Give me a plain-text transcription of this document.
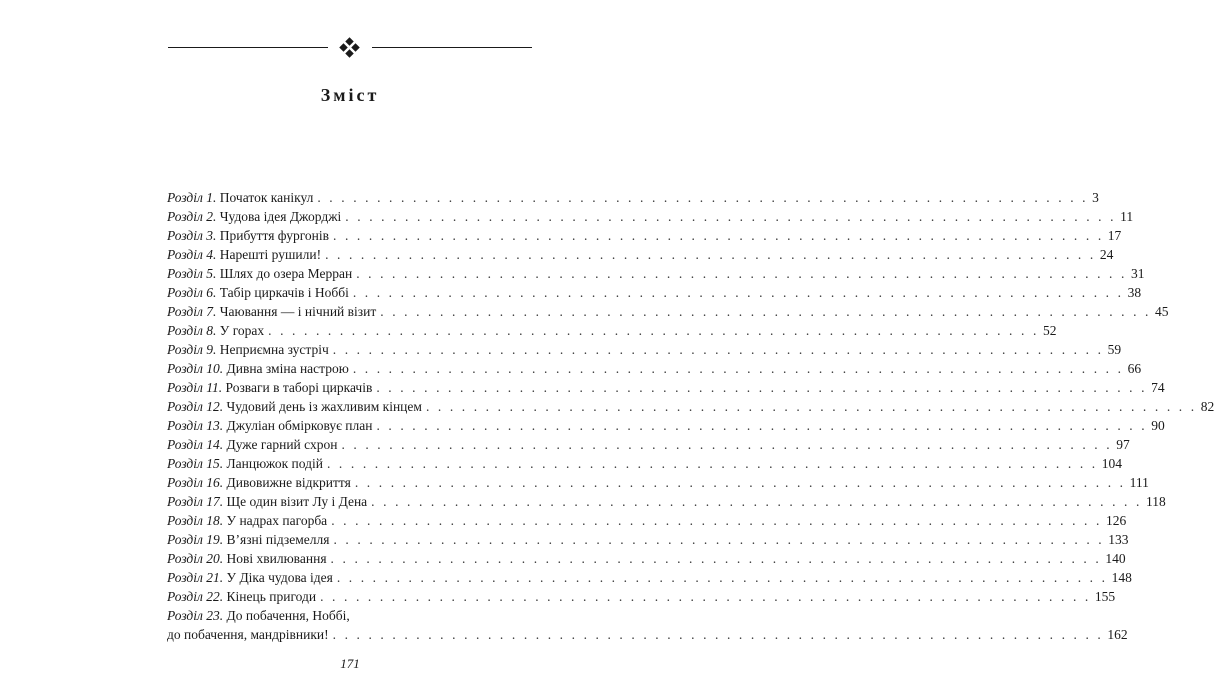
Зміст
Розділ 1.
Початок канікул . . . . . . . . . . . . . . . . . . . . . . . . . . . . . . . . . . . . . . . . . . . . . . . . . . . . . . . . . . . . . . . . . 3
Розділ 2.
Чудова ідея Джорджі . . . . . . . . . . . . . . . . . . . . . . . . . . . . . . . . . . . . . . . . . . . . . . . . . . . . . . . . . . . . . . . . . 11
Розділ 3.
Прибуття фургонів . . . . . . . . . . . . . . . . . . . . . . . . . . . . . . . . . . . . . . . . . . . . . . . . . . . . . . . . . . . . . . . . . 17
Розділ 4.
Нарешті рушили! . . . . . . . . . . . . . . . . . . . . . . . . . . . . . . . . . . . . . . . . . . . . . . . . . . . . . . . . . . . . . . . . . 24
Розділ 5.
Шлях до озера Мерран . . . . . . . . . . . . . . . . . . . . . . . . . . . . . . . . . . . . . . . . . . . . . . . . . . . . . . . . . . . . . . . . . 31
Розділ 6.
Табір циркачів і Ноббі . . . . . . . . . . . . . . . . . . . . . . . . . . . . . . . . . . . . . . . . . . . . . . . . . . . . . . . . . . . . . . . . . 38
Розділ 7.
Чаювання — і нічний візит . . . . . . . . . . . . . . . . . . . . . . . . . . . . . . . . . . . . . . . . . . . . . . . . . . . . . . . . . . . . . . . . . 45
Розділ 8.
У горах . . . . . . . . . . . . . . . . . . . . . . . . . . . . . . . . . . . . . . . . . . . . . . . . . . . . . . . . . . . . . . . . . 52
Розділ 9.
Неприємна зустріч . . . . . . . . . . . . . . . . . . . . . . . . . . . . . . . . . . . . . . . . . . . . . . . . . . . . . . . . . . . . . . . . . 59
Розділ 10.
Дивна зміна настрою . . . . . . . . . . . . . . . . . . . . . . . . . . . . . . . . . . . . . . . . . . . . . . . . . . . . . . . . . . . . . . . . . 66
Розділ 11.
Розваги в таборі циркачів . . . . . . . . . . . . . . . . . . . . . . . . . . . . . . . . . . . . . . . . . . . . . . . . . . . . . . . . . . . . . . . . . 74
Розділ 12.
Чудовий день із жахливим кінцем . . . . . . . . . . . . . . . . . . . . . . . . . . . . . . . . . . . . . . . . . . . . . . . . . . . . . . . . . . . . . . . . . 82
Розділ 13.
Джуліан обмірковує план . . . . . . . . . . . . . . . . . . . . . . . . . . . . . . . . . . . . . . . . . . . . . . . . . . . . . . . . . . . . . . . . . 90
Розділ 14.
Дуже гарний схрон . . . . . . . . . . . . . . . . . . . . . . . . . . . . . . . . . . . . . . . . . . . . . . . . . . . . . . . . . . . . . . . . . 97
Розділ 15.
Ланцюжок подій . . . . . . . . . . . . . . . . . . . . . . . . . . . . . . . . . . . . . . . . . . . . . . . . . . . . . . . . . . . . . . . . . 104
Розділ 16.
Дивовижне відкриття . . . . . . . . . . . . . . . . . . . . . . . . . . . . . . . . . . . . . . . . . . . . . . . . . . . . . . . . . . . . . . . . . 111
Розділ 17.
Ще один візит Лу і Дена . . . . . . . . . . . . . . . . . . . . . . . . . . . . . . . . . . . . . . . . . . . . . . . . . . . . . . . . . . . . . . . . . 118
Розділ 18.
У надрах пагорба . . . . . . . . . . . . . . . . . . . . . . . . . . . . . . . . . . . . . . . . . . . . . . . . . . . . . . . . . . . . . . . . . 126
Розділ 19.
В’язні підземелля . . . . . . . . . . . . . . . . . . . . . . . . . . . . . . . . . . . . . . . . . . . . . . . . . . . . . . . . . . . . . . . . . 133
Розділ 20.
Нові хвилювання . . . . . . . . . . . . . . . . . . . . . . . . . . . . . . . . . . . . . . . . . . . . . . . . . . . . . . . . . . . . . . . . . 140
Розділ 21.
У Діка чудова ідея . . . . . . . . . . . . . . . . . . . . . . . . . . . . . . . . . . . . . . . . . . . . . . . . . . . . . . . . . . . . . . . . . 148
Розділ 22.
Кінець пригоди . . . . . . . . . . . . . . . . . . . . . . . . . . . . . . . . . . . . . . . . . . . . . . . . . . . . . . . . . . . . . . . . . 155
Розділ 23.
До побачення, Ноббі,
до побачення, мандрівники! . . . . . . . . . . . . . . . . . . . . . . . . . . . . . . . . . . . . . . . . . . . . . . . . . . . . . . . . . . . . . . . . . 162
171
